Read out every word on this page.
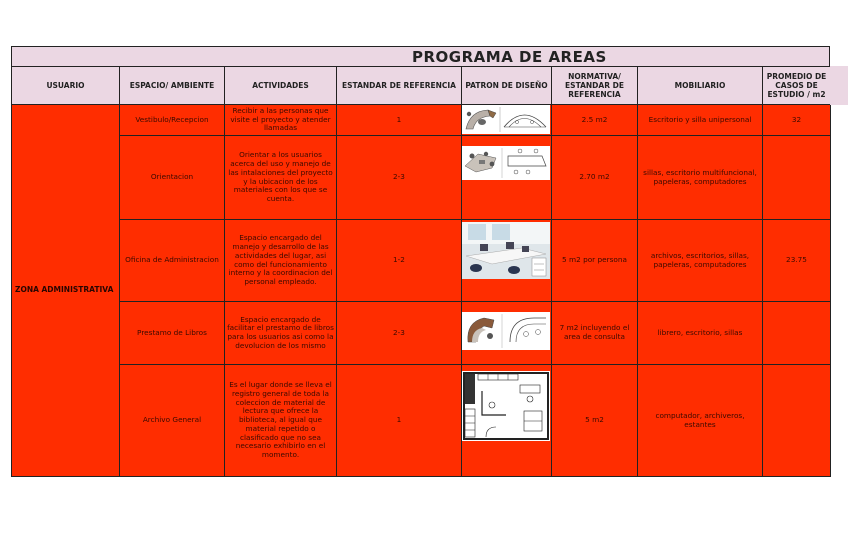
PROGRAMA DE AREAS
USUARIO	ESPACIO/ AMBIENTE	ACTIVIDADES	ESTANDAR DE REFERENCIA	PATRON DE DISEÑO	NORMATIVA/ ESTANDAR DE REFERENCIA	MOBILIARIO	PROMEDIO DE CASOS DE ESTUDIO / m2
ZONA ADMINISTRATIVA	Vestibulo/Recepcion	Recibir a las personas que visite el proyecto y atender llamadas	1		2.5 m2	Escritorio y silla unipersonal	32
	Orientacion	Orientar a los usuarios acerca del uso y manejo de las intalaciones del proyecto y la ubicacion de los materiales con los que se cuenta.	2-3		2.70 m2	sillas, escritorio multifuncional, papeleras, computadores	
	Oficina de Administracion	Espacio encargado del manejo y desarrollo de las actividades del lugar, asi como del funcionamiento interno y la coordinacion del personal empleado.	1-2		5 m2 por persona	archivos, escritorios, sillas, papeleras, computadores	23.75
	Prestamo de Libros	Espacio encargado de facilitar el prestamo de libros para los usuarios asi como la devolucion de los mismo	2-3		7 m2 incluyendo el area de consulta	librero, escritorio, sillas	
	Archivo General	Es el lugar donde se lleva el registro general de toda la coleccion de material de lectura que ofrece la biblioteca, al igual que material repetido o clasificado que no sea necesario exhibirlo en el momento.	1		5 m2	computador, archiveros, estantes	
